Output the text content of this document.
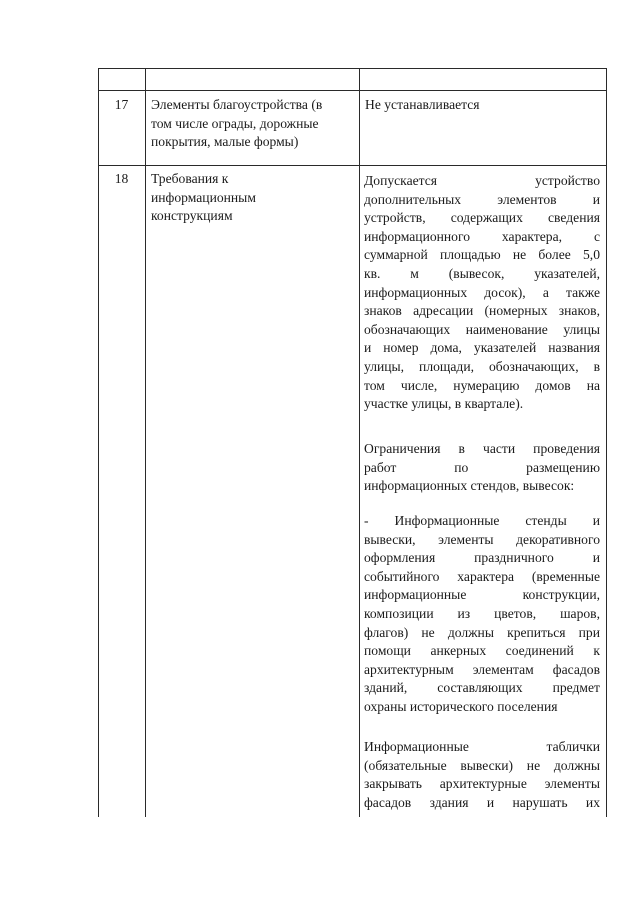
17	Элементы благоустройства (в
том числе ограды, дорожные
покрытия, малые формы)
Не устанавливается
18	Требования к
информационным
конструкциям
Допускается устройство
дополнительных элементов и
устройств, содержащих сведения
информационного характера, с
суммарной площадью не более 5,0
кв. м (вывесок, указателей,
информационных досок), а также
знаков адресации (номерных знаков,
обозначающих наименование улицы
и номер дома, указателей названия
улицы, площади, обозначающих, в
том числе, нумерацию домов на
участке улицы, в квартале).
Ограничения в части проведения
работ по размещению
информационных стендов, вывесок:
- Информационные стенды и
вывески, элементы декоративного
оформления праздничного и
событийного характера (временные
информационные конструкции,
композиции из цветов, шаров,
флагов) не должны крепиться при
помощи анкерных соединений к
архитектурным элементам фасадов
зданий, составляющих предмет
охраны исторического поселения
Информационные таблички
(обязательные вывески) не должны
закрывать архитектурные элементы
фасадов здания и нарушать их
